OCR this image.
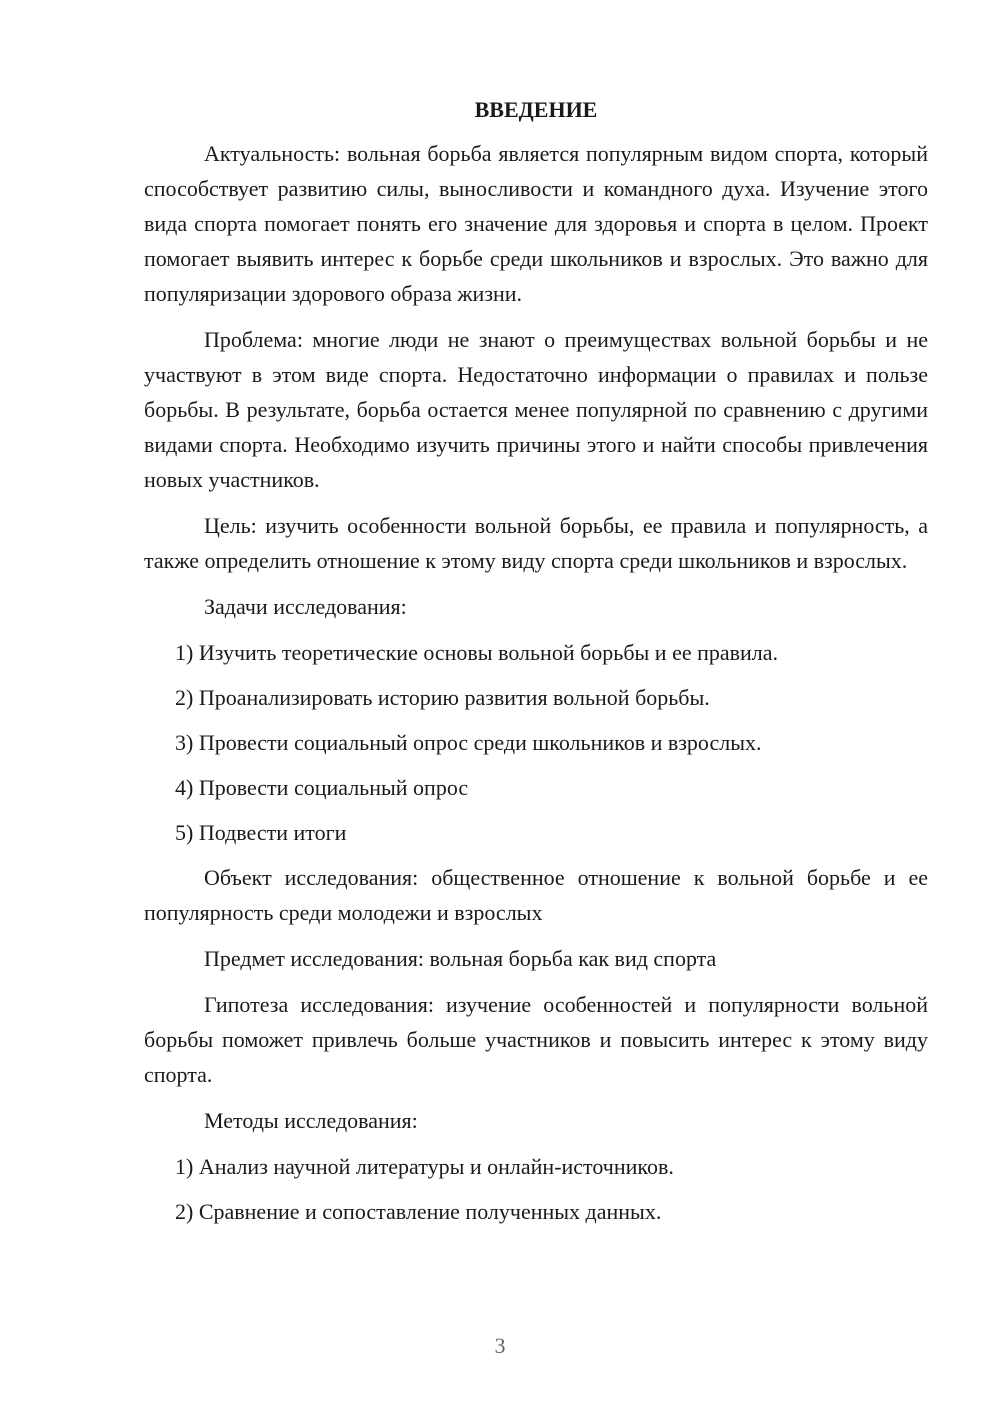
ВВЕДЕНИЕ

Актуальность: вольная борьба является популярным видом спорта, который способствует развитию силы, выносливости и командного духа. Изучение этого вида спорта помогает понять его значение для здоровья и спорта в целом. Проект помогает выявить интерес к борьбе среди школьников и взрослых. Это важно для популяризации здорового образа жизни.

Проблема: многие люди не знают о преимуществах вольной борьбы и не участвуют в этом виде спорта. Недостаточно информации о правилах и пользе борьбы. В результате, борьба остается менее популярной по сравнению с другими видами спорта. Необходимо изучить причины этого и найти способы привлечения новых участников.

Цель: изучить особенности вольной борьбы, ее правила и популярность, а также определить отношение к этому виду спорта среди школьников и взрослых.

Задачи исследования:

1) Изучить теоретические основы вольной борьбы и ее правила.
2) Проанализировать историю развития вольной борьбы.
3) Провести социальный опрос среди школьников и взрослых.
4) Провести социальный опрос
5) Подвести итоги

Объект исследования: общественное отношение к вольной борьбе и ее популярность среди молодежи и взрослых

Предмет исследования: вольная борьба как вид спорта

Гипотеза исследования: изучение особенностей и популярности вольной борьбы поможет привлечь больше участников и повысить интерес к этому виду спорта.

Методы исследования:

1) Анализ научной литературы и онлайн-источников.
2) Сравнение и сопоставление полученных данных.
3
